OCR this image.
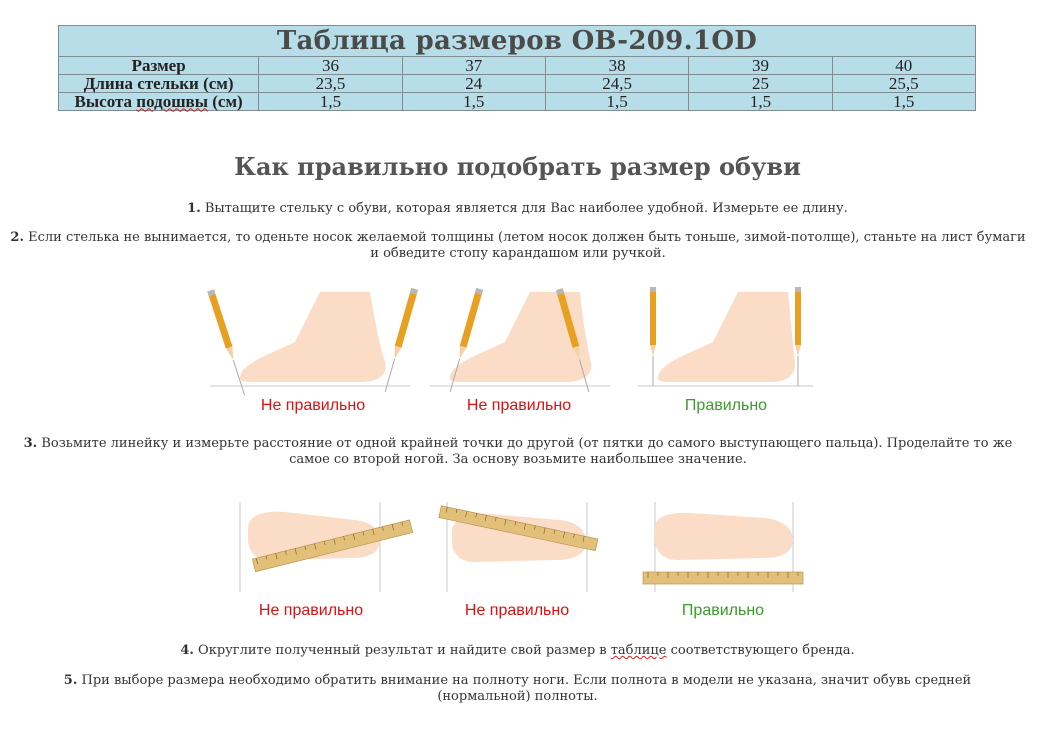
Таблица размеров OB-209.1OD					
Размер	36	37	38	39	40
Длина стельки (см)	23,5	24	24,5	25	25,5
Высота подошвы (см)	1,5	1,5	1,5	1,5	1,5
Как правильно подобрать размер обуви
1. Вытащите стельку с обуви, которая является для Вас наиболее удобной. Измерьте ее длину.
2. Если стелька не вынимается, то оденьте носок желаемой толщины (летом носок должен быть тоньше, зимой-потолще), станьте на лист бумаги и обведите стопу карандашом или ручкой.
Не правильно	Не правильно	Правильно
3. Возьмите линейку и измерьте расстояние от одной крайней точки до другой (от пятки до самого выступающего пальца). Проделайте то же самое со второй ногой. За основу возьмите наибольшее значение.
Не правильно	Не правильно	Правильно
4. Округлите полученный результат и найдите свой размер в таблице соответствующего бренда.
5. При выборе размера необходимо обратить внимание на полноту ноги. Если полнота в модели не указана, значит обувь средней (нормальной) полноты.
